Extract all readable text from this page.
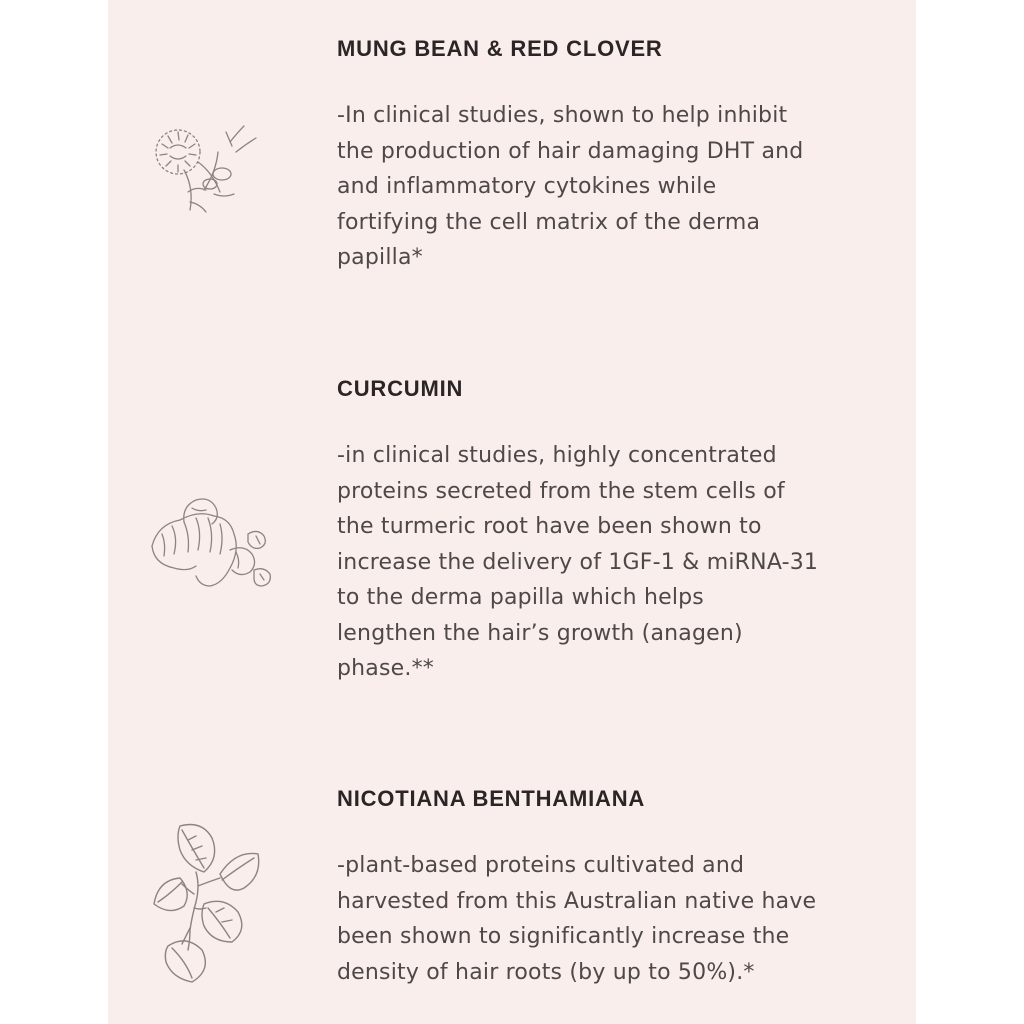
MUNG BEAN & RED CLOVER
-In clinical studies, shown to help inhibit
the production of hair damaging DHT and
and inflammatory cytokines while
fortifying the cell matrix of the derma
papilla*
CURCUMIN
-in clinical studies, highly concentrated
proteins secreted from the stem cells of
the turmeric root have been shown to
increase the delivery of 1GF-1 & miRNA-31
to the derma papilla which helps
lengthen the hair’s growth (anagen)
phase.**
NICOTIANA BENTHAMIANA
-plant-based proteins cultivated and
harvested from this Australian native have
been shown to significantly increase the
density of hair roots (by up to 50%).*
